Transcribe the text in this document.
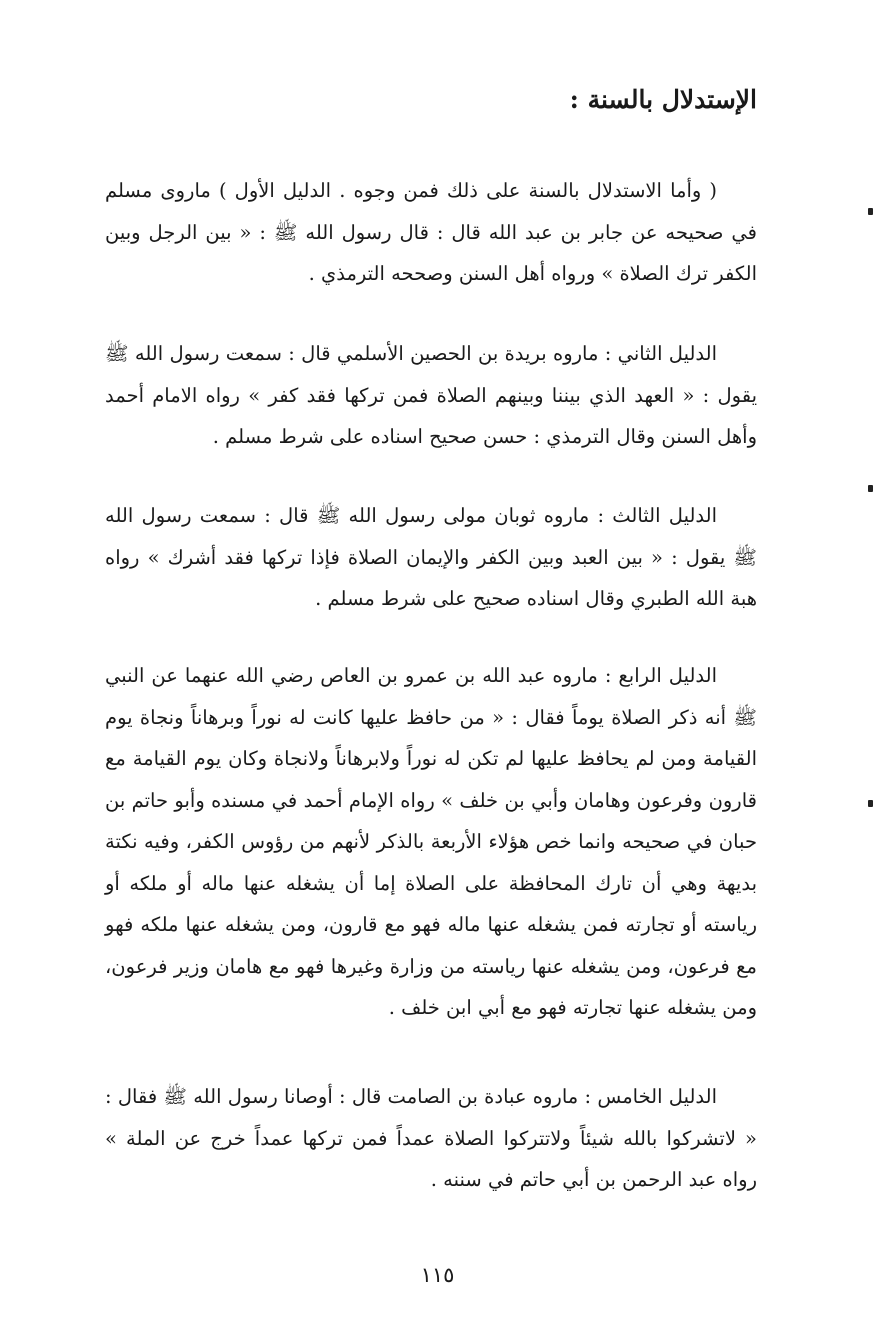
الإستدلال بالسنة :

( وأما الاستدلال بالسنة على ذلك فمن وجوه . الدليل الأول ) ماروى مسلم في صحيحه عن جابر بن عبد الله قال : قال رسول الله ﷺ : « بين الرجل وبين الكفر ترك الصلاة » ورواه أهل السنن وصححه الترمذي .

الدليل الثاني : ماروه بريدة بن الحصين الأسلمي قال : سمعت رسول الله ﷺ يقول : « العهد الذي بيننا وبينهم الصلاة فمن تركها فقد كفر » رواه الامام أحمد وأهل السنن وقال الترمذي : حسن صحيح اسناده على شرط مسلم .

الدليل الثالث : ماروه ثوبان مولى رسول الله ﷺ قال : سمعت رسول الله ﷺ يقول : « بين العبد وبين الكفر والإيمان الصلاة فإذا تركها فقد أشرك » رواه هبة الله الطبري وقال اسناده صحيح على شرط مسلم .

الدليل الرابع : ماروه عبد الله بن عمرو بن العاص رضي الله عنهما عن النبي ﷺ أنه ذكر الصلاة يوماً فقال : « من حافظ عليها كانت له نوراً وبرهاناً ونجاة يوم القيامة ومن لم يحافظ عليها لم تكن له نوراً ولابرهاناً ولانجاة وكان يوم القيامة مع قارون وفرعون وهامان وأبي بن خلف » رواه الإمام أحمد في مسنده وأبو حاتم بن حبان في صحيحه وانما خص هؤلاء الأربعة بالذكر لأنهم من رؤوس الكفر، وفيه نكتة بديهة وهي أن تارك المحافظة على الصلاة إما أن يشغله عنها ماله أو ملكه أو رياسته أو تجارته فمن يشغله عنها ماله فهو مع قارون، ومن يشغله عنها ملكه فهو مع فرعون، ومن يشغله عنها رياسته من وزارة وغيرها فهو مع هامان وزير فرعون، ومن يشغله عنها تجارته فهو مع أبي ابن خلف .

الدليل الخامس : ماروه عبادة بن الصامت قال : أوصانا رسول الله ﷺ فقال : « لاتشركوا بالله شيئاً ولاتتركوا الصلاة عمداً فمن تركها عمداً خرج عن الملة » رواه عبد الرحمن بن أبي حاتم في سننه .

١١٥
